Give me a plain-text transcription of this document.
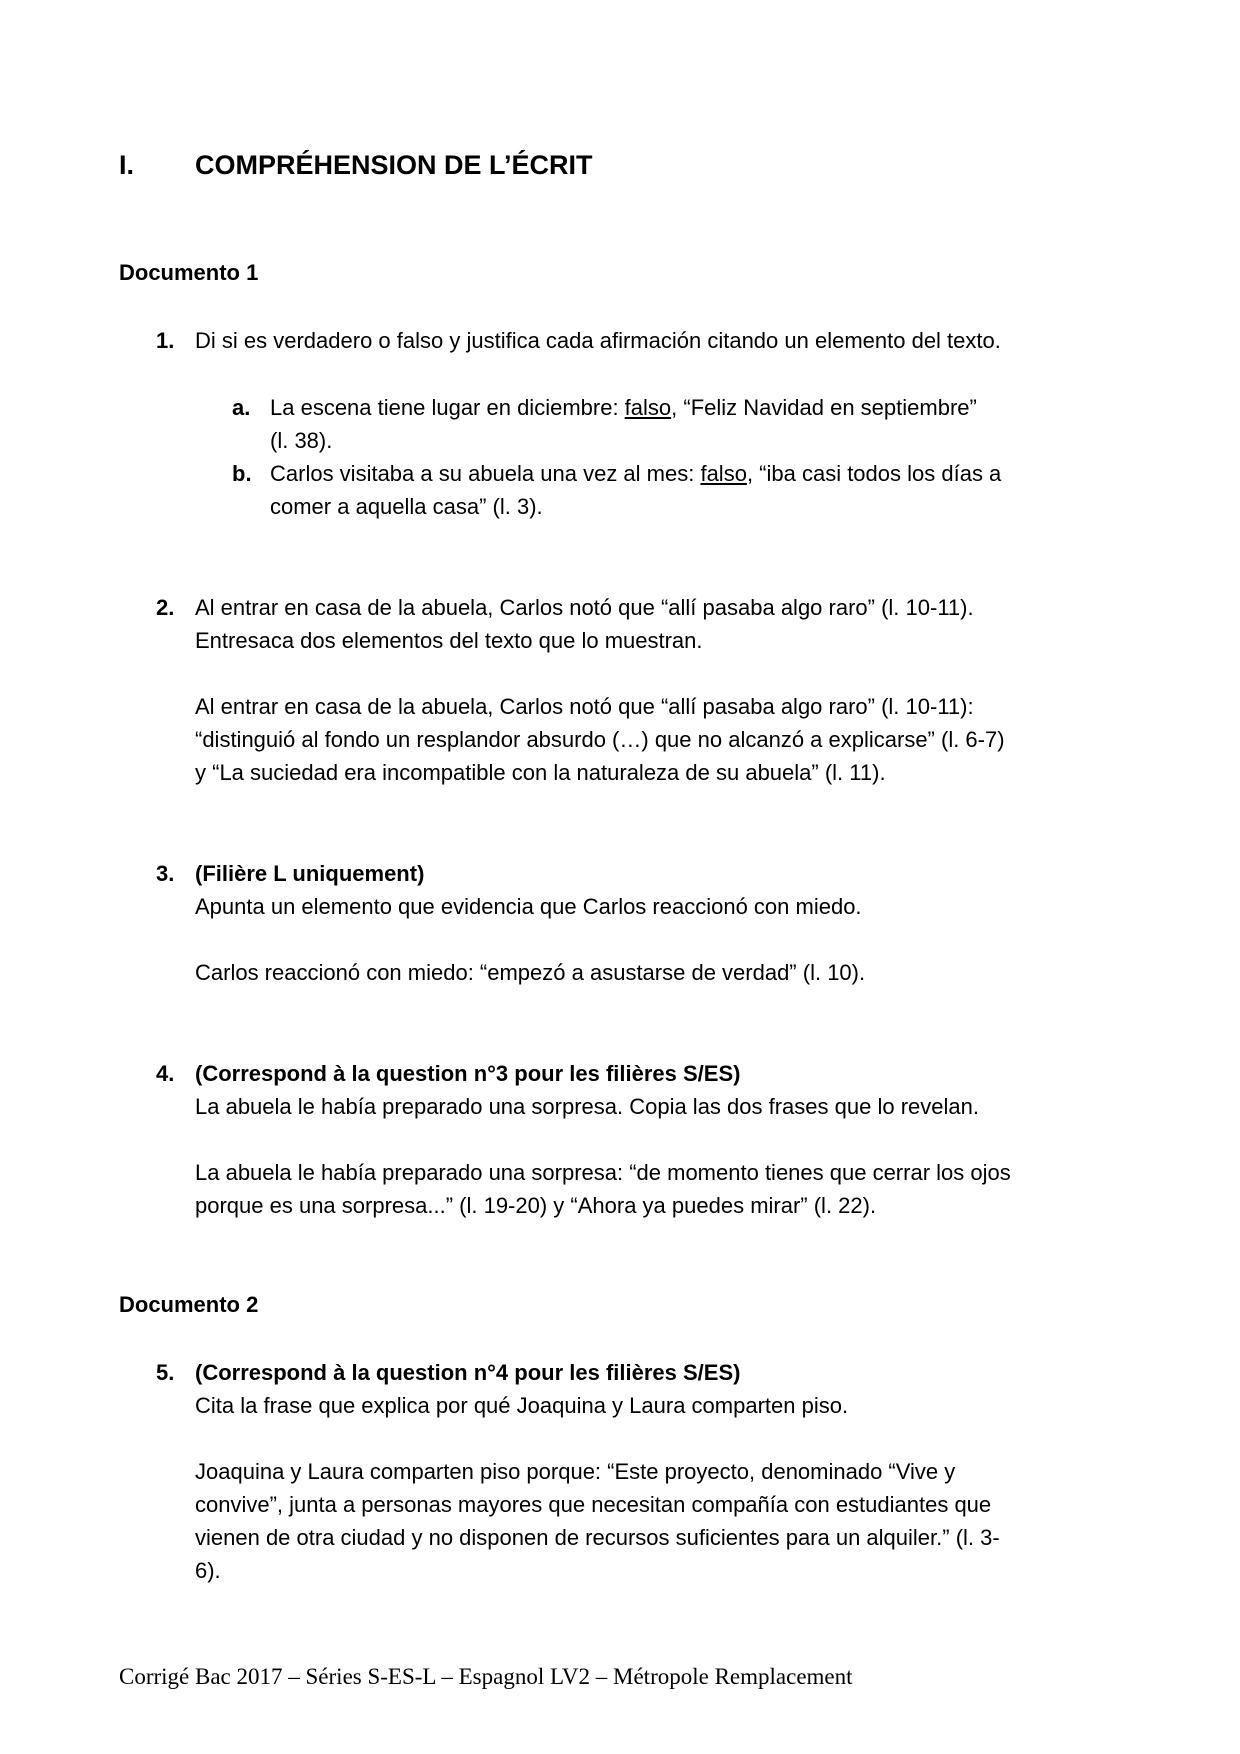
I. COMPRÉHENSION DE L’ÉCRIT
Documento 1
1. Di si es verdadero o falso y justifica cada afirmación citando un elemento del texto.
a. La escena tiene lugar en diciembre: falso, “Feliz Navidad en septiembre”
(l. 38).
b. Carlos visitaba a su abuela una vez al mes: falso, “iba casi todos los días a
comer a aquella casa” (l. 3).
2. Al entrar en casa de la abuela, Carlos notó que “allí pasaba algo raro” (l. 10-11).
Entresaca dos elementos del texto que lo muestran.
Al entrar en casa de la abuela, Carlos notó que “allí pasaba algo raro” (l. 10-11):
“distinguió al fondo un resplandor absurdo (…) que no alcanzó a explicarse” (l. 6-7)
y “La suciedad era incompatible con la naturaleza de su abuela” (l. 11).
3. (Filière L uniquement)
Apunta un elemento que evidencia que Carlos reaccionó con miedo.
Carlos reaccionó con miedo: “empezó a asustarse de verdad” (l. 10).
4. (Correspond à la question n°3 pour les filières S/ES)
La abuela le había preparado una sorpresa. Copia las dos frases que lo revelan.
La abuela le había preparado una sorpresa: “de momento tienes que cerrar los ojos
porque es una sorpresa...” (l. 19-20) y “Ahora ya puedes mirar” (l. 22).
Documento 2
5. (Correspond à la question n°4 pour les filières S/ES)
Cita la frase que explica por qué Joaquina y Laura comparten piso.
Joaquina y Laura comparten piso porque: “Este proyecto, denominado “Vive y
convive”, junta a personas mayores que necesitan compañía con estudiantes que
vienen de otra ciudad y no disponen de recursos suficientes para un alquiler.” (l. 3-
6).
Corrigé Bac 2017 – Séries S-ES-L – Espagnol LV2 – Métropole Remplacement
